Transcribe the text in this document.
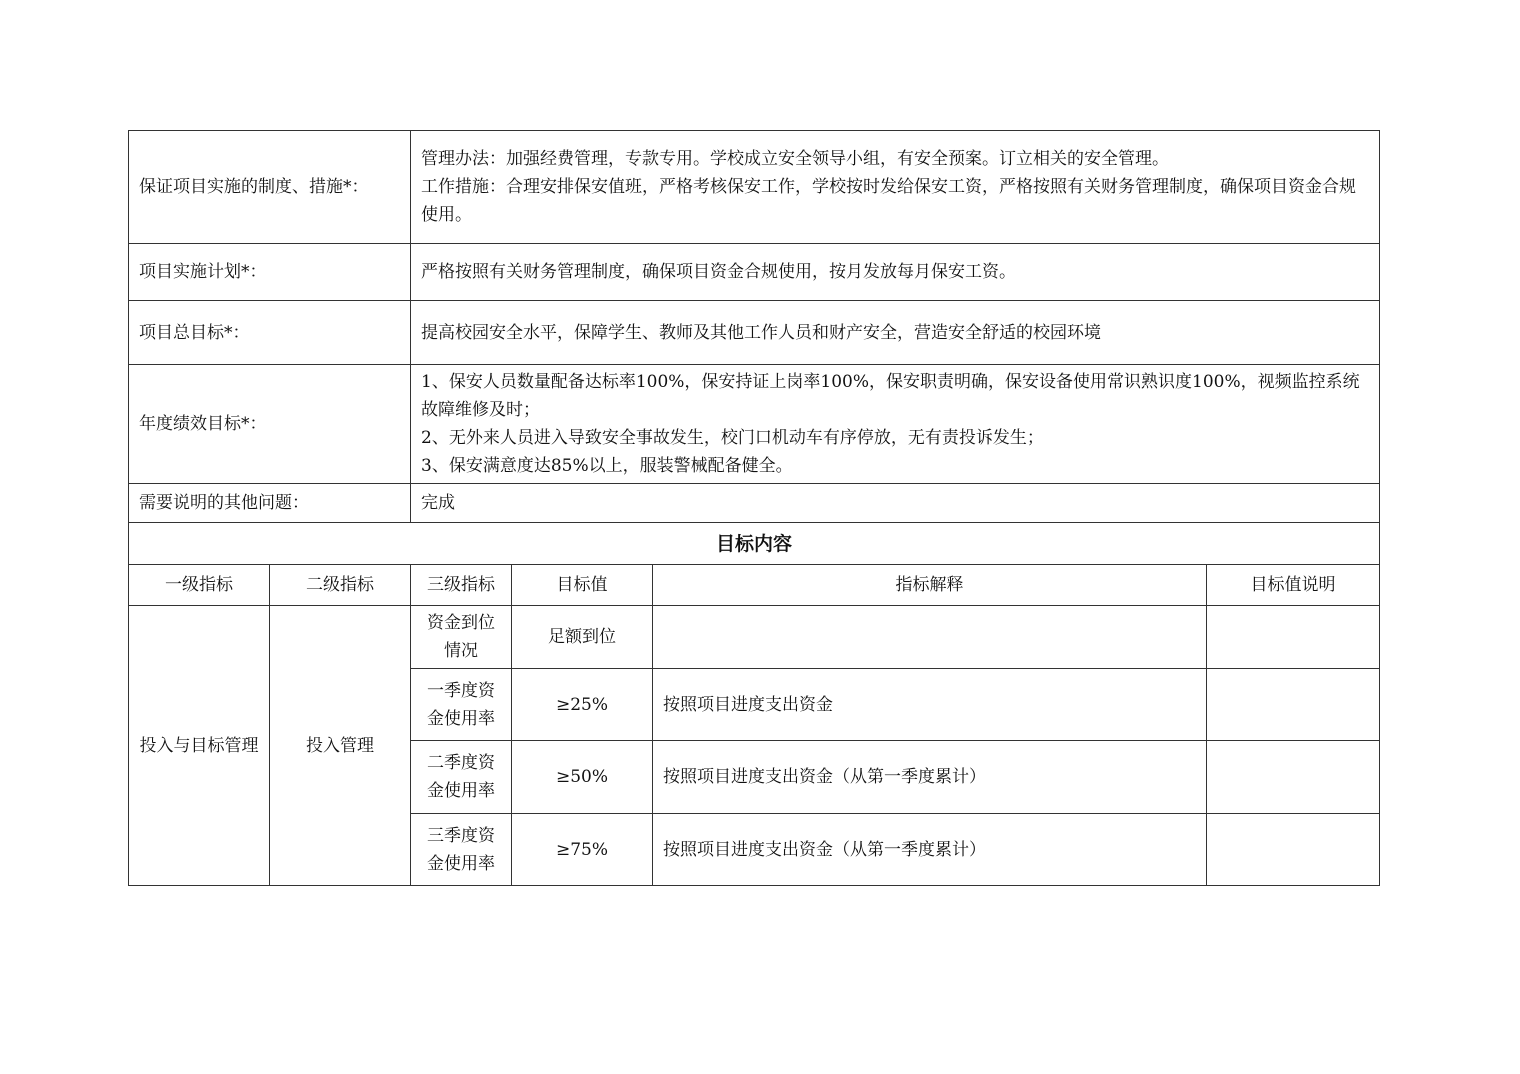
保证项目实施的制度、措施*：		管理办法：加强经费管理，专款专用。学校成立安全领导小组，有安全预案。订立相关的安全管理。
工作措施：合理安排保安值班，严格考核保安工作，学校按时发给保安工资，严格按照有关财务管理制度，确保项目资金合规使用。			

项目实施计划*：		严格按照有关财务管理制度，确保项目资金合规使用，按月发放每月保安工资。			
项目总目标*：		提高校园安全水平，保障学生、教师及其他工作人员和财产安全，营造安全舒适的校园环境			
年度绩效目标*：		1、保安人员数量配备达标率100%，保安持证上岗率100%，保安职责明确，保安设备使用常识熟识度100%，视频监控系统故障维修及时；
2、无外来人员进入导致安全事故发生，校门口机动车有序停放，无有责投诉发生；
3、保安满意度达85%以上，服装警械配备健全。			

需要说明的其他问题：		完成			
目标内容					
一级指标	二级指标	三级指标	目标值	指标解释	目标值说明
投入与目标管理	投入管理	资金到位情况	足额到位		
		一季度资金使用率	≥25%	按照项目进度支出资金	
		二季度资金使用率	≥50%	按照项目进度支出资金（从第一季度累计）	
		三季度资金使用率	≥75%	按照项目进度支出资金（从第一季度累计）	
